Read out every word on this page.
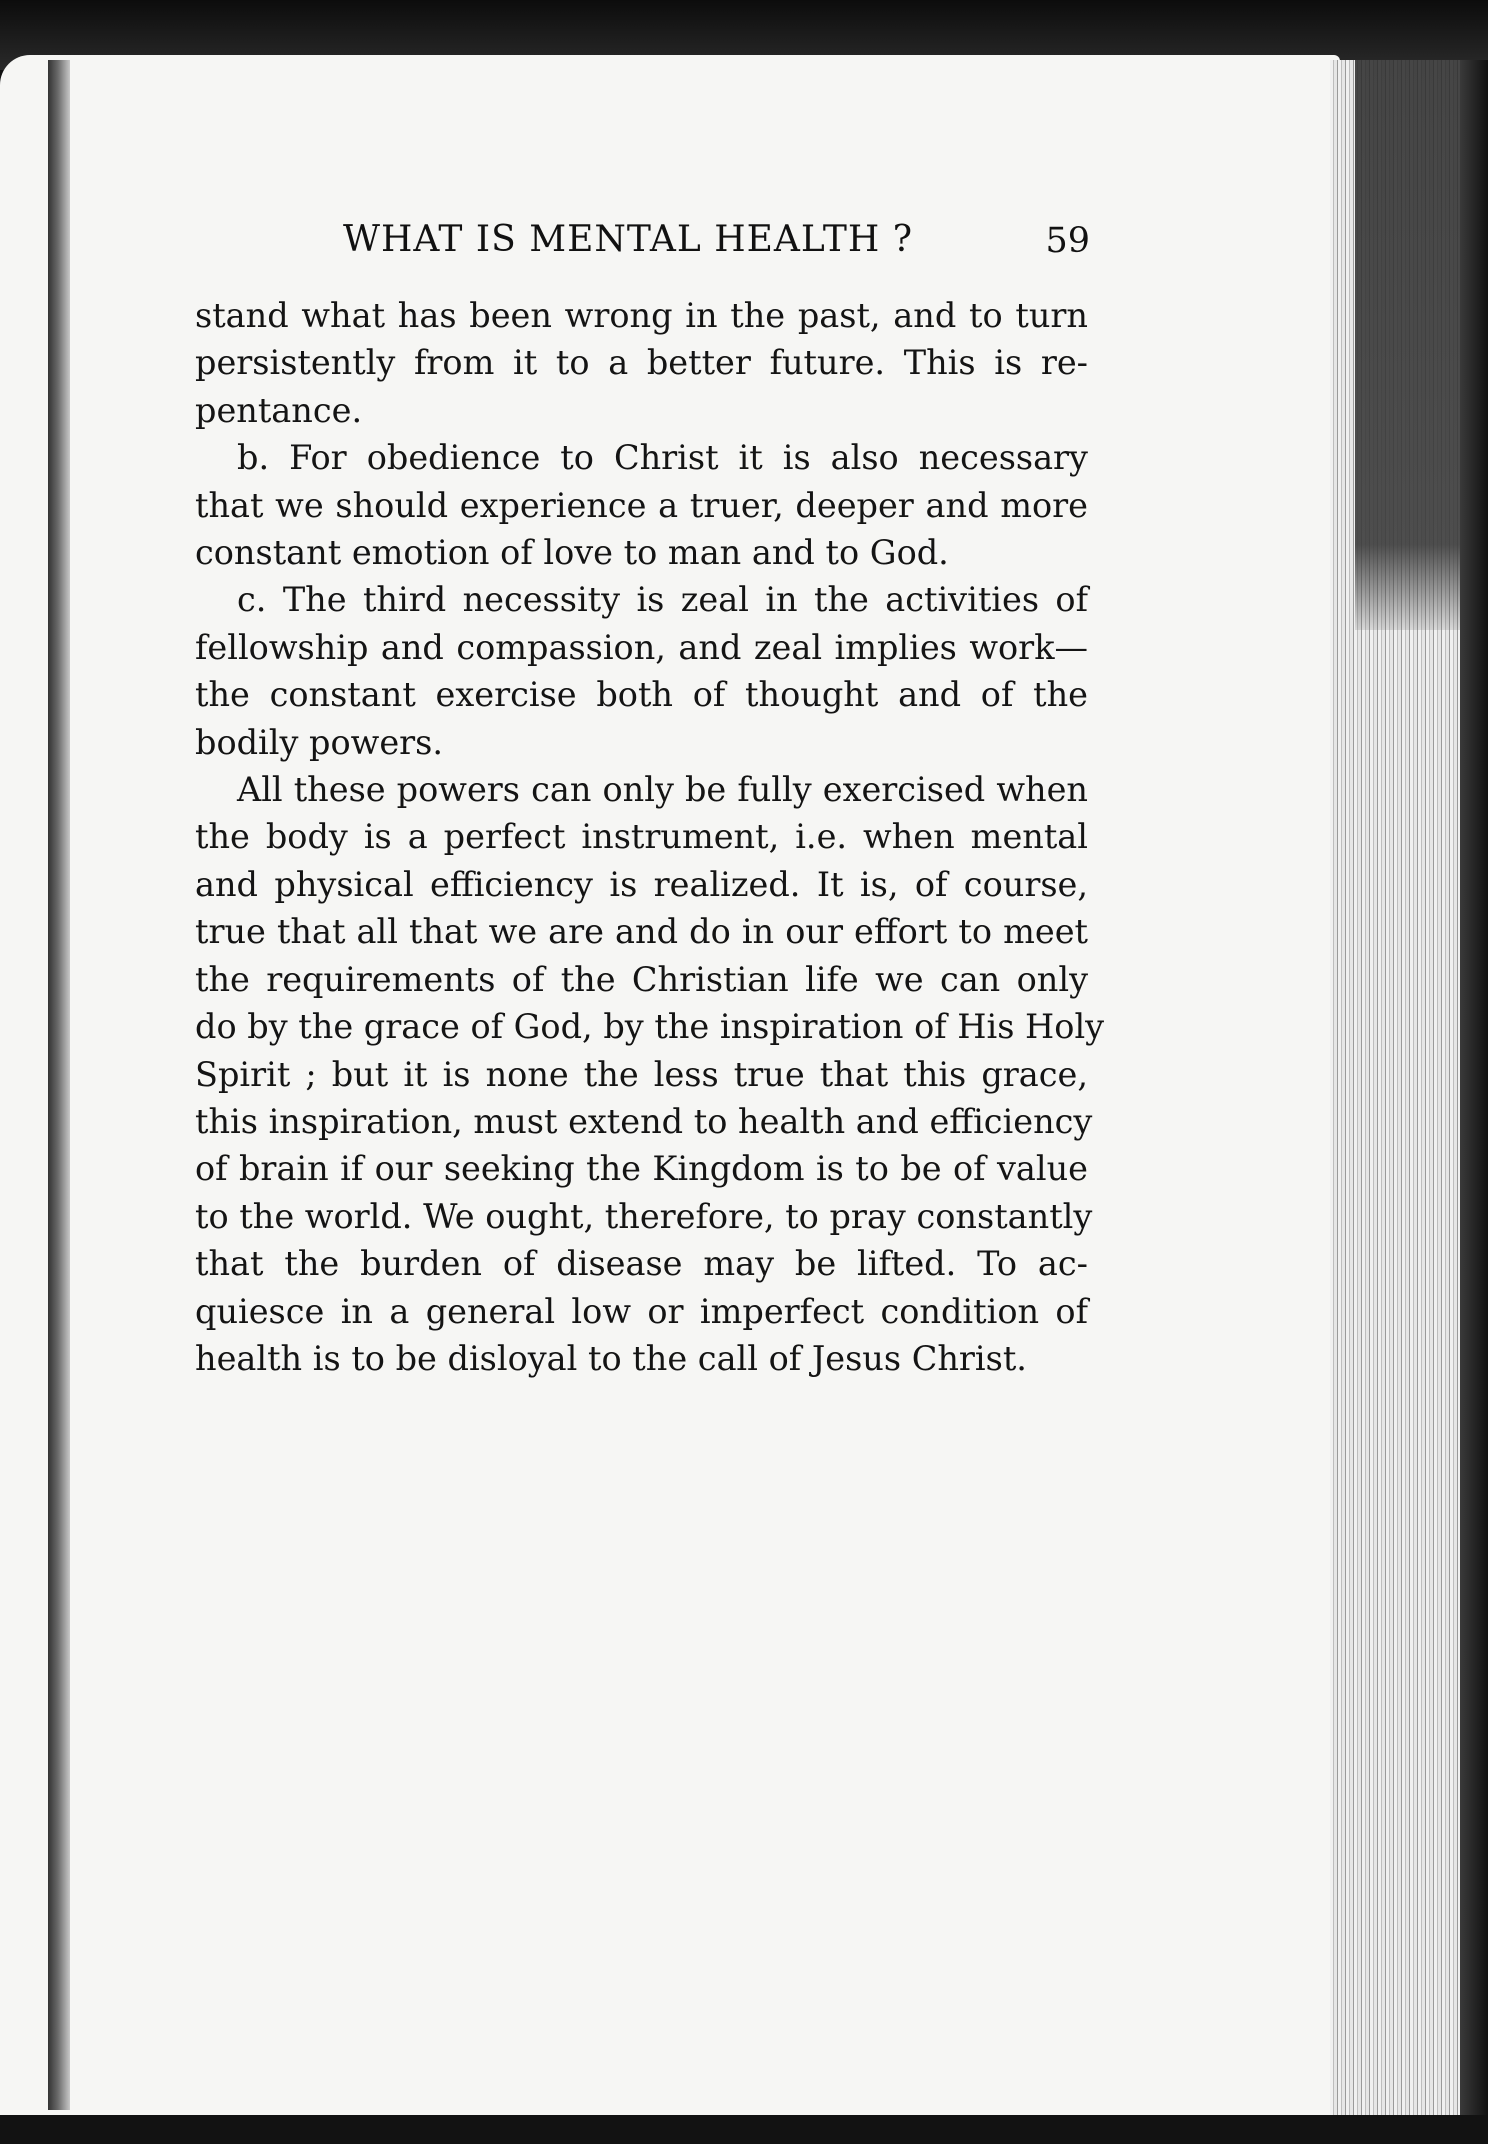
WHAT IS MENTAL HEALTH ?	59
stand what has been wrong in the past, and to turn
persistently from it to a better future. This is re-
pentance.
b. For obedience to Christ it is also necessary
that we should experience a truer, deeper and more
constant emotion of love to man and to God.
c. The third necessity is zeal in the activities of
fellowship and compassion, and zeal implies work—
the constant exercise both of thought and of the
bodily powers.
All these powers can only be fully exercised when
the body is a perfect instrument, i.e. when mental
and physical efficiency is realized. It is, of course,
true that all that we are and do in our effort to meet
the requirements of the Christian life we can only
do by the grace of God, by the inspiration of His Holy
Spirit ; but it is none the less true that this grace,
this inspiration, must extend to health and efficiency
of brain if our seeking the Kingdom is to be of value
to the world. We ought, therefore, to pray constantly
that the burden of disease may be lifted. To ac-
quiesce in a general low or imperfect condition of
health is to be disloyal to the call of Jesus Christ.
